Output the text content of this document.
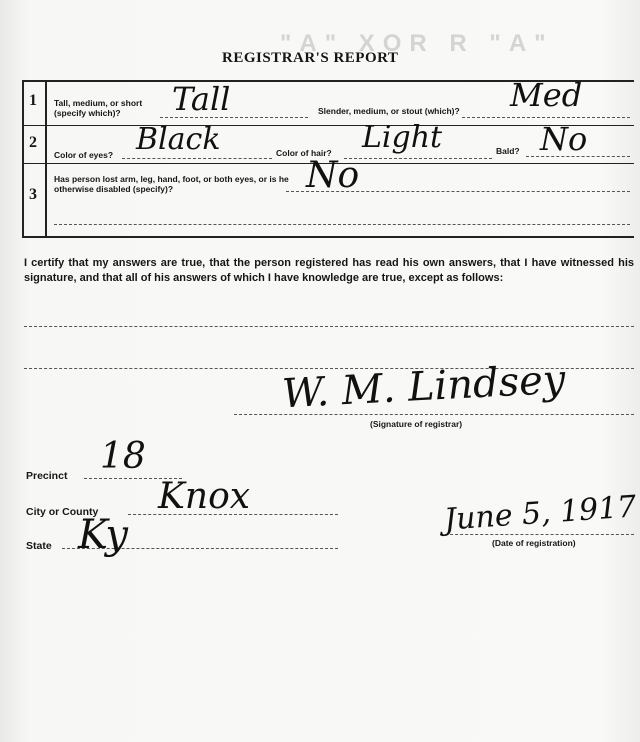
"A" XOR R "A"
REGISTRAR'S REPORT
1
2
3
Tall, medium, or short (specify which)?	Tall	Slender, medium, or stout (which)? Med
Color of eyes? Black	Color of hair? Light	Bald? No
Has person lost arm, leg, hand, foot, or both eyes, or is he otherwise disabled (specify)?	No
I certify that my answers are true, that the person registered has read his own answers, that I have witnessed his signature, and that all of his answers of which I have knowledge are true, except as follows:
W. M. Lindsey
(Signature of registrar)
Precinct 18
City or County Knox
State Ky	June 5, 1917
(Date of registration)
